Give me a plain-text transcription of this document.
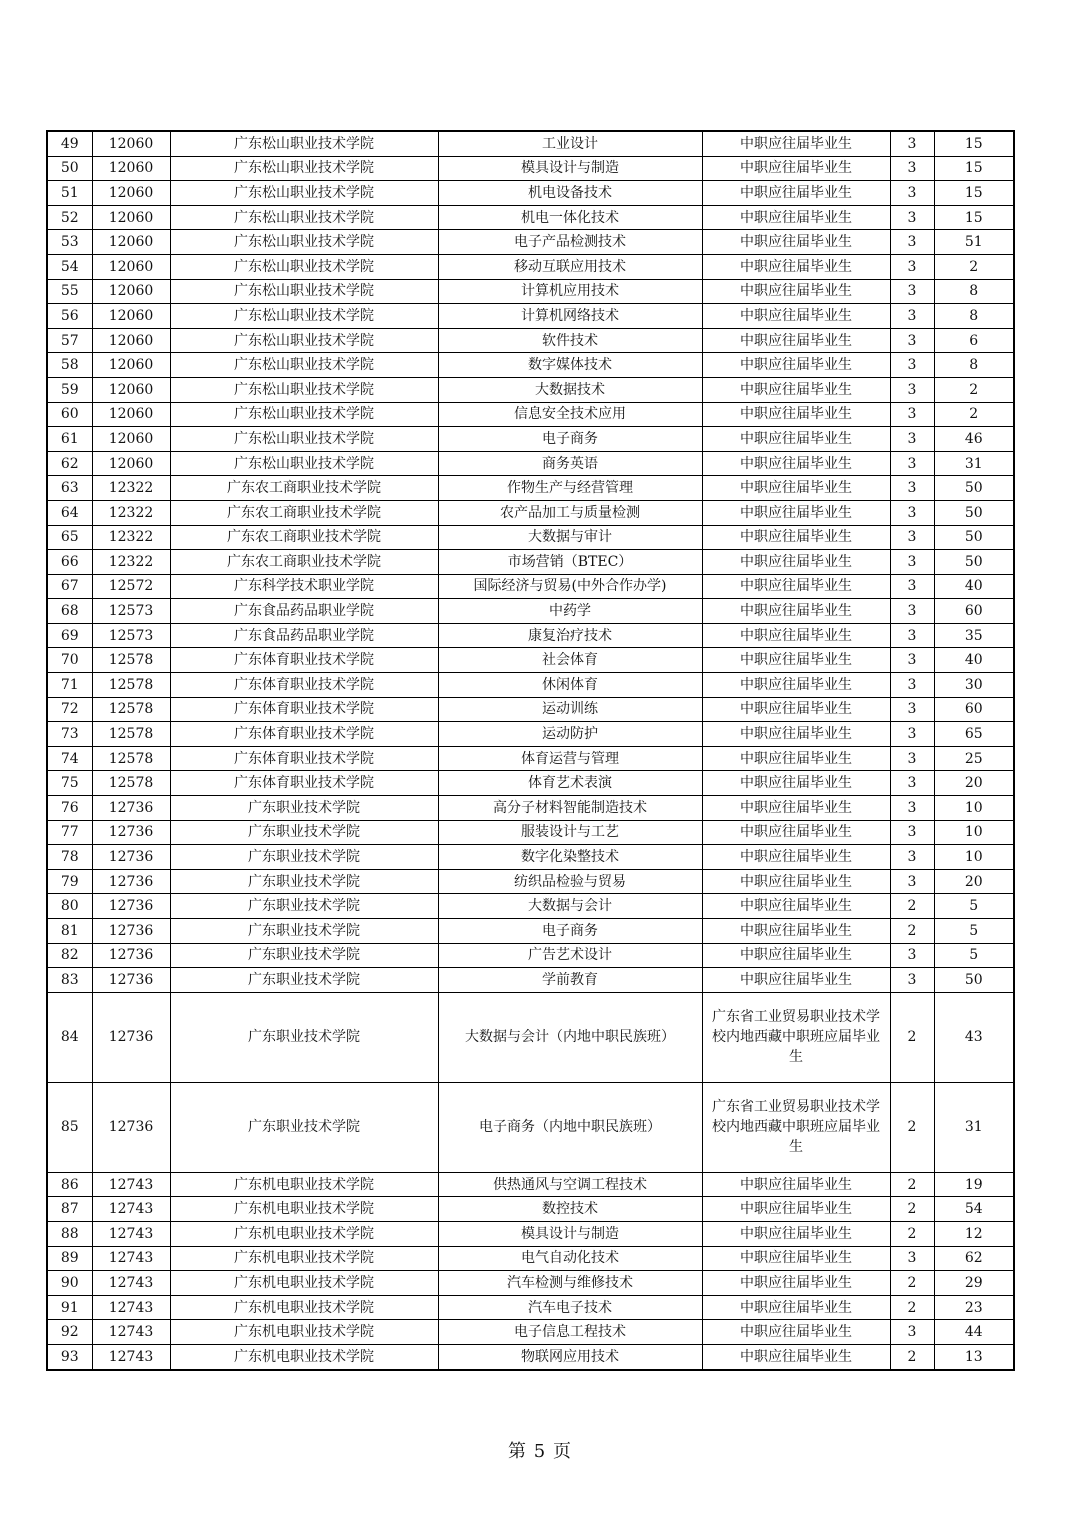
49	12060	广东松山职业技术学院	工业设计	中职应往届毕业生	3	15
50	12060	广东松山职业技术学院	模具设计与制造	中职应往届毕业生	3	15
51	12060	广东松山职业技术学院	机电设备技术	中职应往届毕业生	3	15
52	12060	广东松山职业技术学院	机电一体化技术	中职应往届毕业生	3	15
53	12060	广东松山职业技术学院	电子产品检测技术	中职应往届毕业生	3	51
54	12060	广东松山职业技术学院	移动互联应用技术	中职应往届毕业生	3	2
55	12060	广东松山职业技术学院	计算机应用技术	中职应往届毕业生	3	8
56	12060	广东松山职业技术学院	计算机网络技术	中职应往届毕业生	3	8
57	12060	广东松山职业技术学院	软件技术	中职应往届毕业生	3	6
58	12060	广东松山职业技术学院	数字媒体技术	中职应往届毕业生	3	8
59	12060	广东松山职业技术学院	大数据技术	中职应往届毕业生	3	2
60	12060	广东松山职业技术学院	信息安全技术应用	中职应往届毕业生	3	2
61	12060	广东松山职业技术学院	电子商务	中职应往届毕业生	3	46
62	12060	广东松山职业技术学院	商务英语	中职应往届毕业生	3	31
63	12322	广东农工商职业技术学院	作物生产与经营管理	中职应往届毕业生	3	50
64	12322	广东农工商职业技术学院	农产品加工与质量检测	中职应往届毕业生	3	50
65	12322	广东农工商职业技术学院	大数据与审计	中职应往届毕业生	3	50
66	12322	广东农工商职业技术学院	市场营销（BTEC）	中职应往届毕业生	3	50
67	12572	广东科学技术职业学院	国际经济与贸易(中外合作办学)	中职应往届毕业生	3	40
68	12573	广东食品药品职业学院	中药学	中职应往届毕业生	3	60
69	12573	广东食品药品职业学院	康复治疗技术	中职应往届毕业生	3	35
70	12578	广东体育职业技术学院	社会体育	中职应往届毕业生	3	40
71	12578	广东体育职业技术学院	休闲体育	中职应往届毕业生	3	30
72	12578	广东体育职业技术学院	运动训练	中职应往届毕业生	3	60
73	12578	广东体育职业技术学院	运动防护	中职应往届毕业生	3	65
74	12578	广东体育职业技术学院	体育运营与管理	中职应往届毕业生	3	25
75	12578	广东体育职业技术学院	体育艺术表演	中职应往届毕业生	3	20
76	12736	广东职业技术学院	高分子材料智能制造技术	中职应往届毕业生	3	10
77	12736	广东职业技术学院	服装设计与工艺	中职应往届毕业生	3	10
78	12736	广东职业技术学院	数字化染整技术	中职应往届毕业生	3	10
79	12736	广东职业技术学院	纺织品检验与贸易	中职应往届毕业生	3	20
80	12736	广东职业技术学院	大数据与会计	中职应往届毕业生	2	5
81	12736	广东职业技术学院	电子商务	中职应往届毕业生	2	5
82	12736	广东职业技术学院	广告艺术设计	中职应往届毕业生	3	5
83	12736	广东职业技术学院	学前教育	中职应往届毕业生	3	50
84	12736	广东职业技术学院	大数据与会计（内地中职民族班）	广东省工业贸易职业技术学校内地西藏中职班应届毕业生	2	43
85	12736	广东职业技术学院	电子商务（内地中职民族班）	广东省工业贸易职业技术学校内地西藏中职班应届毕业生	2	31
86	12743	广东机电职业技术学院	供热通风与空调工程技术	中职应往届毕业生	2	19
87	12743	广东机电职业技术学院	数控技术	中职应往届毕业生	2	54
88	12743	广东机电职业技术学院	模具设计与制造	中职应往届毕业生	2	12
89	12743	广东机电职业技术学院	电气自动化技术	中职应往届毕业生	3	62
90	12743	广东机电职业技术学院	汽车检测与维修技术	中职应往届毕业生	2	29
91	12743	广东机电职业技术学院	汽车电子技术	中职应往届毕业生	2	23
92	12743	广东机电职业技术学院	电子信息工程技术	中职应往届毕业生	3	44
93	12743	广东机电职业技术学院	物联网应用技术	中职应往届毕业生	2	13
第 5 页
